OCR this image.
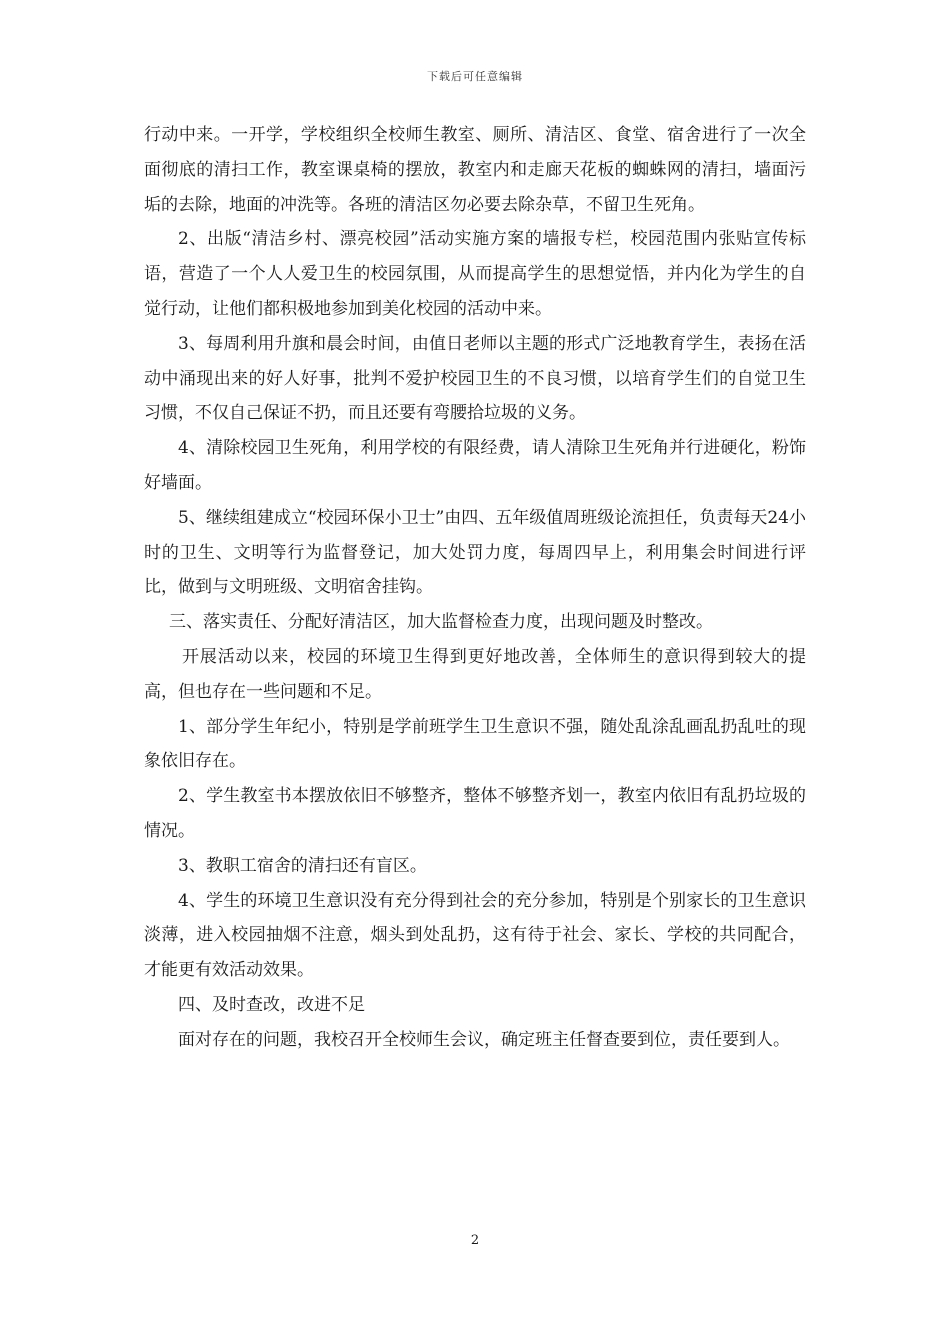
下载后可任意编辑

行动中来。一开学，学校组织全校师生教室、厕所、清洁区、食堂、宿舍进行了一次全面彻底的清扫工作，教室课桌椅的摆放，教室内和走廊天花板的蜘蛛网的清扫，墙面污垢的去除，地面的冲洗等。各班的清洁区勿必要去除杂草，不留卫生死角。

2、出版“清洁乡村、漂亮校园”活动实施方案的墙报专栏，校园范围内张贴宣传标语，营造了一个人人爱卫生的校园氛围，从而提高学生的思想觉悟，并内化为学生的自觉行动，让他们都积极地参加到美化校园的活动中来。

3、每周利用升旗和晨会时间，由值日老师以主题的形式广泛地教育学生，表扬在活动中涌现出来的好人好事，批判不爱护校园卫生的不良习惯，以培育学生们的自觉卫生习惯，不仅自己保证不扔，而且还要有弯腰拾垃圾的义务。

4、清除校园卫生死角，利用学校的有限经费，请人清除卫生死角并行进硬化，粉饰好墙面。

5、继续组建成立“校园环保小卫士”由四、五年级值周班级论流担任，负责每天24小时的卫生、文明等行为监督登记，加大处罚力度，每周四早上，利用集会时间进行评比，做到与文明班级、文明宿舍挂钩。

三、落实责任、分配好清洁区，加大监督检查力度，出现问题及时整改。

开展活动以来，校园的环境卫生得到更好地改善，全体师生的意识得到较大的提高，但也存在一些问题和不足。

1、部分学生年纪小，特别是学前班学生卫生意识不强，随处乱涂乱画乱扔乱吐的现象依旧存在。

2、学生教室书本摆放依旧不够整齐，整体不够整齐划一，教室内依旧有乱扔垃圾的情况。

3、教职工宿舍的清扫还有盲区。

4、学生的环境卫生意识没有充分得到社会的充分参加，特别是个别家长的卫生意识淡薄，进入校园抽烟不注意，烟头到处乱扔，这有待于社会、家长、学校的共同配合，才能更有效活动效果。

四、及时查改，改进不足

面对存在的问题，我校召开全校师生会议，确定班主任督查要到位，责任要到人。

2
